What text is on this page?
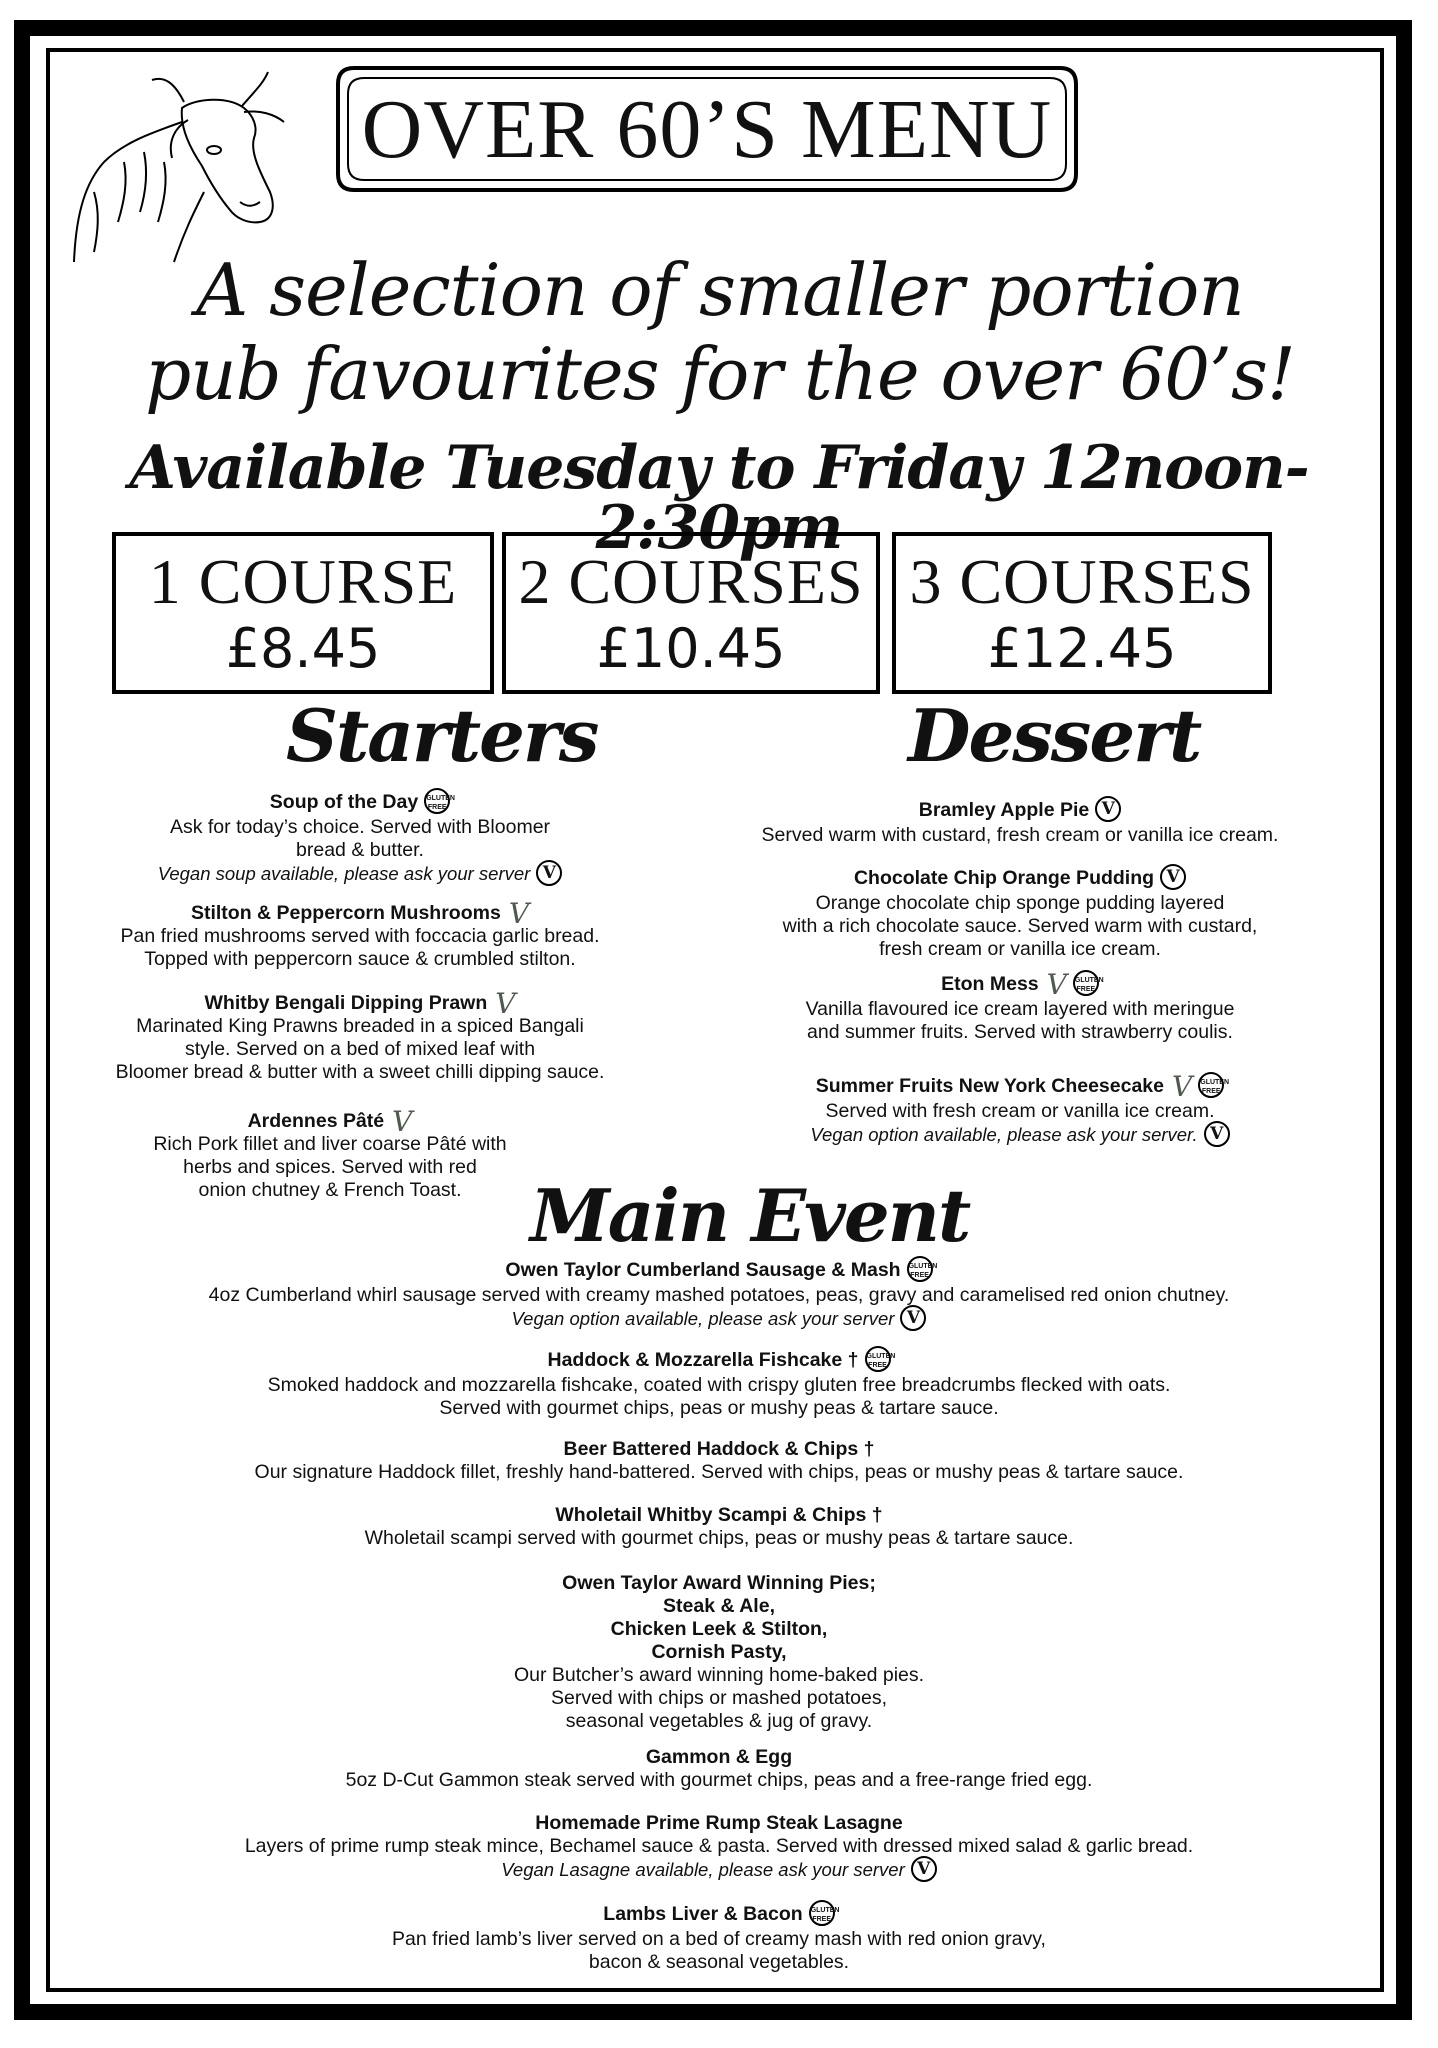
OVER 60’S MENU
A selection of smaller portion
pub favourites for the over 60’s!
Available Tuesday to Friday 12noon-2:30pm
1 COURSE
£8.45
2 COURSES
£10.45
3 COURSES
£12.45
Starters	Dessert
Main Event
Soup of the Day GLUTEN FREE
Ask for today’s choice. Served with Bloomer
bread & butter.
Vegan soup available, please ask your server V
Stilton & Peppercorn Mushrooms V
Pan fried mushrooms served with foccacia garlic bread.
Topped with peppercorn sauce & crumbled stilton.
Whitby Bengali Dipping Prawn V
Marinated King Prawns breaded in a spiced Bangali
style. Served on a bed of mixed leaf with
Bloomer bread & butter with a sweet chilli dipping sauce.
Ardennes Pâté V
Rich Pork fillet and liver coarse Pâté with
herbs and spices. Served with red
onion chutney & French Toast.
Bramley Apple Pie V
Served warm with custard, fresh cream or vanilla ice cream.
Chocolate Chip Orange Pudding V
Orange chocolate chip sponge pudding layered
with a rich chocolate sauce. Served warm with custard,
fresh cream or vanilla ice cream.
Eton Mess V GLUTEN FREE
Vanilla flavoured ice cream layered with meringue
and summer fruits. Served with strawberry coulis.
Summer Fruits New York Cheesecake V GLUTEN FREE
Served with fresh cream or vanilla ice cream.
Vegan option available, please ask your server. V
Owen Taylor Cumberland Sausage & Mash GLUTEN FREE
4oz Cumberland whirl sausage served with creamy mashed potatoes, peas, gravy and caramelised red onion chutney.
Vegan option available, please ask your server V
Haddock & Mozzarella Fishcake † GLUTEN FREE
Smoked haddock and mozzarella fishcake, coated with crispy gluten free breadcrumbs flecked with oats.
Served with gourmet chips, peas or mushy peas & tartare sauce.
Beer Battered Haddock & Chips †
Our signature Haddock fillet, freshly hand-battered. Served with chips, peas or mushy peas & tartare sauce.
Wholetail Whitby Scampi & Chips †
Wholetail scampi served with gourmet chips, peas or mushy peas & tartare sauce.
Owen Taylor Award Winning Pies;
Steak & Ale,
Chicken Leek & Stilton,
Cornish Pasty,
Our Butcher’s award winning home-baked pies.
Served with chips or mashed potatoes,
seasonal vegetables & jug of gravy.
Gammon & Egg
5oz D-Cut Gammon steak served with gourmet chips, peas and a free-range fried egg.
Homemade Prime Rump Steak Lasagne
Layers of prime rump steak mince, Bechamel sauce & pasta. Served with dressed mixed salad & garlic bread.
Vegan Lasagne available, please ask your server V
Lambs Liver & Bacon GLUTEN FREE
Pan fried lamb’s liver served on a bed of creamy mash with red onion gravy,
bacon & seasonal vegetables.
